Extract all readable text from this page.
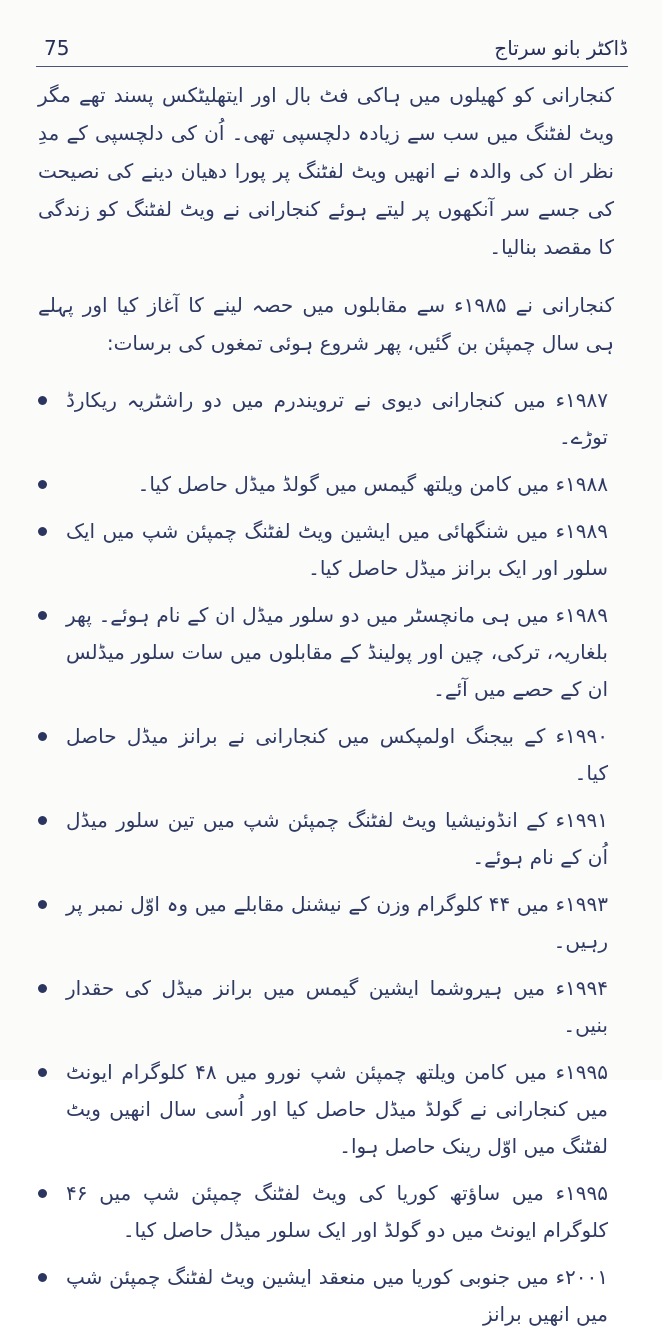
75	ڈاکٹر بانو سرتاج

کنجارانی کو کھیلوں میں ہاکی فٹ بال اور ایتھلیٹکس پسند تھے مگر ویٹ لفٹنگ میں سب سے زیادہ دلچسپی تھی۔ اُن کی دلچسپی کے مدِ نظر ان کی والدہ نے انھیں ویٹ لفٹنگ پر پورا دھیان دینے کی نصیحت کی جسے سر آنکھوں پر لیتے ہوئے کنجارانی نے ویٹ لفٹنگ کو زندگی کا مقصد بنالیا۔

کنجارانی نے ۱۹۸۵ء سے مقابلوں میں حصہ لینے کا آغاز کیا اور پہلے ہی سال چمپئن بن گئیں، پھر شروع ہوئی تمغوں کی برسات:

۱۹۸۷ء میں کنجارانی دیوی نے ترویندرم میں دو راشٹریہ ریکارڈ توڑے۔
۱۹۸۸ء میں کامن ویلتھ گیمس میں گولڈ میڈل حاصل کیا۔
۱۹۸۹ء میں شنگھائی میں ایشین ویٹ لفٹنگ چمپئن شپ میں ایک سلور اور ایک برانز میڈل حاصل کیا۔
۱۹۸۹ء میں ہی مانچسٹر میں دو سلور میڈل ان کے نام ہوئے۔ پھر بلغاریہ، ترکی، چین اور پولینڈ کے مقابلوں میں سات سلور میڈلس ان کے حصے میں آئے۔
۱۹۹۰ء کے بیجنگ اولمپکس میں کنجارانی نے برانز میڈل حاصل کیا۔
۱۹۹۱ء کے انڈونیشیا ویٹ لفٹنگ چمپئن شپ میں تین سلور میڈل اُن کے نام ہوئے۔
۱۹۹۳ء میں ۴۴ کلوگرام وزن کے نیشنل مقابلے میں وہ اوّل نمبر پر رہیں۔
۱۹۹۴ء میں ہیروشما ایشین گیمس میں برانز میڈل کی حقدار بنیں۔
۱۹۹۵ء میں کامن ویلتھ چمپئن شپ نورو میں ۴۸ کلوگرام ایونٹ میں کنجارانی نے گولڈ میڈل حاصل کیا اور اُسی سال انھیں ویٹ لفٹنگ میں اوّل رینک حاصل ہوا۔
۱۹۹۵ء میں ساؤتھ کوریا کی ویٹ لفٹنگ چمپئن شپ میں ۴۶ کلوگرام ایونٹ میں دو گولڈ اور ایک سلور میڈل حاصل کیا۔
۲۰۰۱ء میں جنوبی کوریا میں منعقد ایشین ویٹ لفٹنگ چمپئن شپ میں انھیں برانز
